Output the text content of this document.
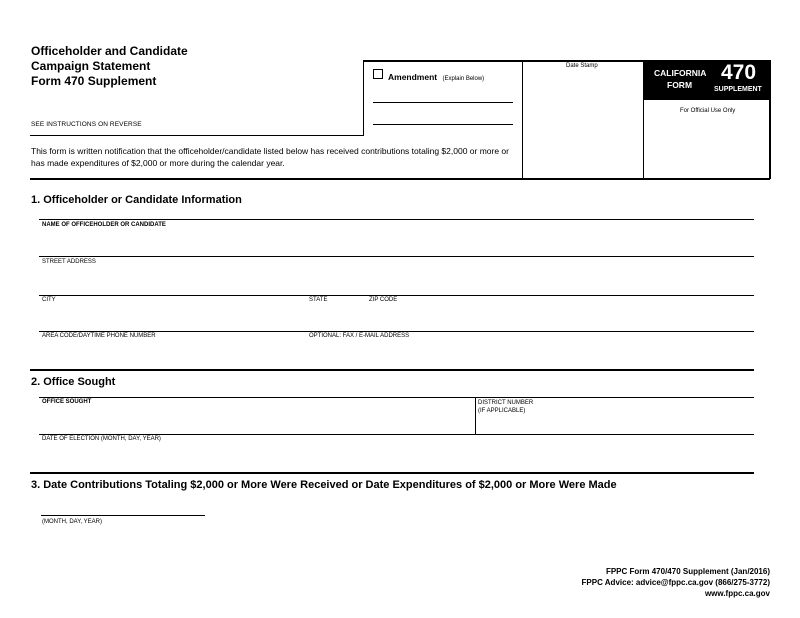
Officeholder and Candidate
Campaign Statement
Form 470 Supplement
SEE INSTRUCTIONS ON REVERSE
Amendment (Explain Below)
Date Stamp
CALIFORNIA
FORM
470
SUPPLEMENT
For Official Use Only
This form is written notification that the officeholder/candidate listed below has received contributions totaling $2,000 or more or has made expenditures of $2,000 or more during the calendar year.
1. Officeholder or Candidate Information
NAME OF OFFICEHOLDER OR CANDIDATE
STREET ADDRESS
CITY	STATE	ZIP CODE
AREA CODE/DAYTIME PHONE NUMBER	OPTIONAL: FAX / E-MAIL ADDRESS
2. Office Sought
OFFICE SOUGHT	DISTRICT NUMBER
(IF APPLICABLE)
DATE OF ELECTION (MONTH, DAY, YEAR)
3. Date Contributions Totaling $2,000 or More Were Received or Date Expenditures of $2,000 or More Were Made
(MONTH, DAY, YEAR)
FPPC Form 470/470 Supplement (Jan/2016)
FPPC Advice: advice@fppc.ca.gov (866/275-3772)
www.fppc.ca.gov
